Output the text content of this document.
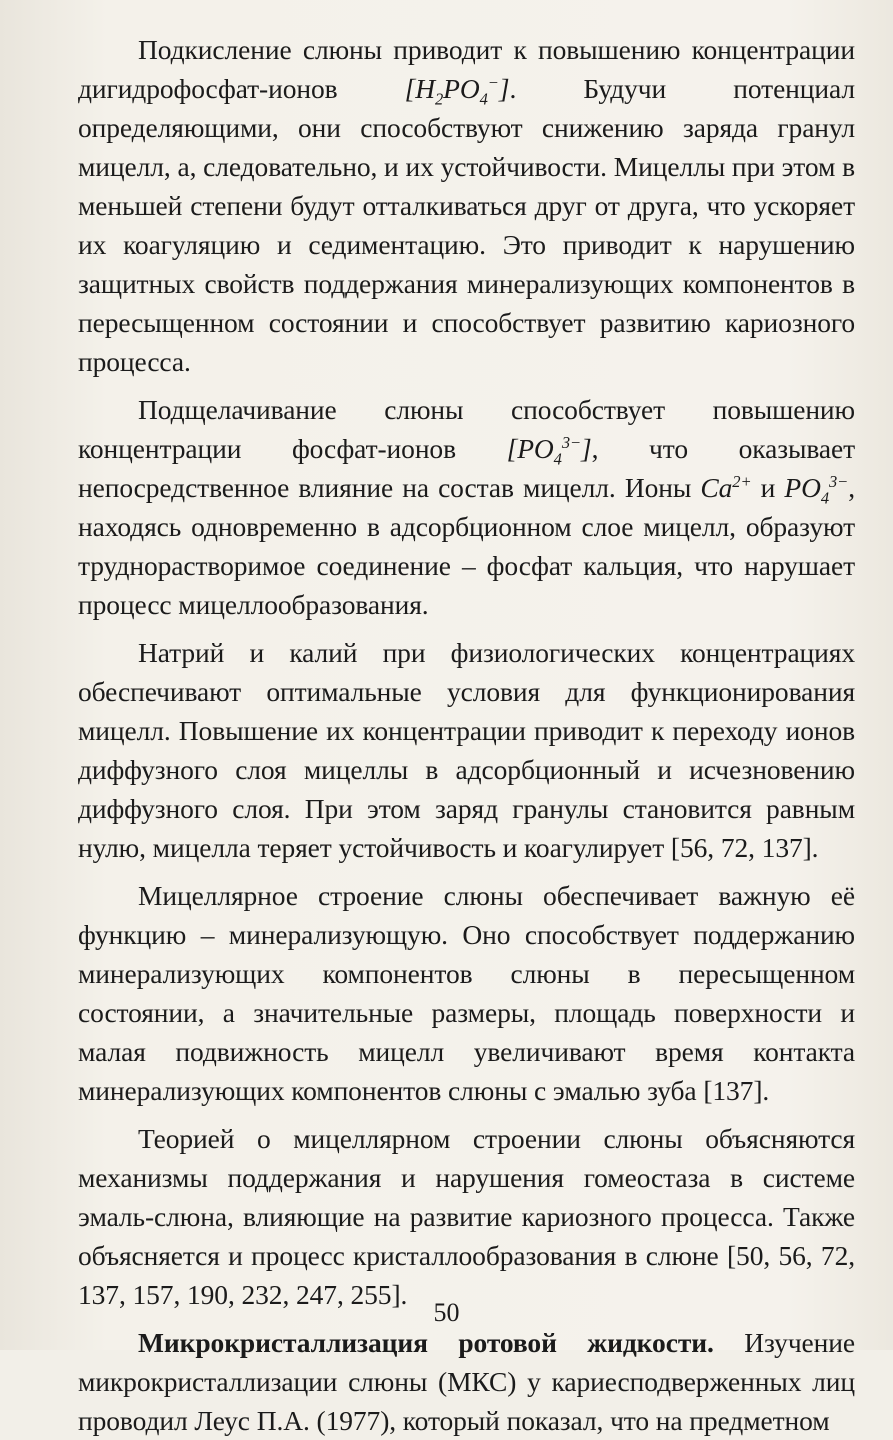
Подкисление слюны приводит к повышению концентрации дигидрофосфат-ионов $[H_2PO_4^-]$. Будучи потенциал определяющими, они способствуют снижению заряда гранул мицелл, а, следовательно, и их устойчивости. Мицеллы при этом в меньшей степени будут отталкиваться друг от друга, что ускоряет их коагуляцию и седиментацию. Это приводит к нарушению защитных свойств поддержания минерализующих компонентов в пересыщенном состоянии и способствует развитию кариозного процесса.

Подщелачивание слюны способствует повышению концентрации фосфат-ионов $[PO_4^{3-}]$, что оказывает непосредственное влияние на состав мицелл. Ионы $Ca^{2+}$ и $PO_4^{3-}$, находясь одновременно в адсорбционном слое мицелл, образуют труднорастворимое соединение – фосфат кальция, что нарушает процесс мицеллообразования.

Натрий и калий при физиологических концентрациях обеспечивают оптимальные условия для функционирования мицелл. Повышение их концентрации приводит к переходу ионов диффузного слоя мицеллы в адсорбционный и исчезновению диффузного слоя. При этом заряд гранулы становится равным нулю, мицелла теряет устойчивость и коагулирует [56, 72, 137].

Мицеллярное строение слюны обеспечивает важную её функцию – минерализующую. Оно способствует поддержанию минерализующих компонентов слюны в пересыщенном состоянии, а значительные размеры, площадь поверхности и малая подвижность мицелл увеличивают время контакта минерализующих компонентов слюны с эмалью зуба [137].

Теорией о мицеллярном строении слюны объясняются механизмы поддержания и нарушения гомеостаза в системе эмаль-слюна, влияющие на развитие кариозного процесса. Также объясняется и процесс кристаллообразования в слюне [50, 56, 72, 137, 157, 190, 232, 247, 255].

Микрокристаллизация ротовой жидкости. Изучение микрокристаллизации слюны (МКС) у кариесподверженных лиц проводил Леус П.А. (1977), который показал, что на предметном

50
